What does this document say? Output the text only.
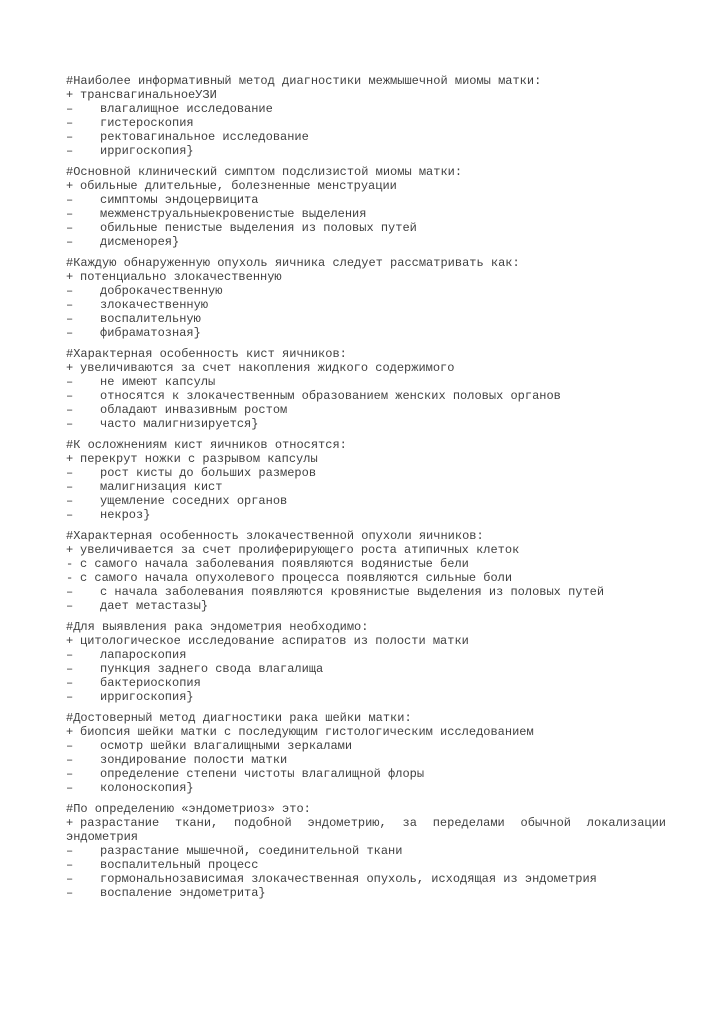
#Наиболее информативный метод диагностики межмышечной миомы матки:

+ трансвагинальноеУЗИ

– влагалищное исследование

– гистероскопия

– ректовагинальное исследование

– ирригоскопия}

#Основной клинический симптом подслизистой миомы матки:

+ обильные длительные, болезненные менструации

– симптомы эндоцервицита

– межменструальныекровенистые выделения

– обильные пенистые выделения из половых путей

– дисменорея}

#Каждую обнаруженную опухоль яичника следует рассматривать как:

+ потенциально злокачественную

– доброкачественную

– злокачественную

– воспалительную

– фибраматозная}

#Характерная особенность кист яичников:

+ увеличиваются за счет накопления жидкого содержимого

– не имеют капсулы

– относятся к злокачественным образованием женских половых органов

– обладают инвазивным ростом

– часто малигнизируется}

#К осложнениям кист яичников относятся:

+ перекрут ножки с разрывом капсулы

– рост кисты до больших размеров

– малигнизация кист

– ущемление соседних органов

– некроз}

#Характерная особенность злокачественной опухоли яичников:

+ увеличивается за счет пролиферирующего роста атипичных клеток

- с самого начала заболевания появляются водянистые бели

- с самого начала опухолевого процесса появляются сильные боли

– с начала заболевания появляются кровянистые выделения из половых путей

– дает метастазы}

#Для выявления рака эндометрия необходимо:

+ цитологическое исследование аспиратов из полости матки

– лапароскопия

– пункция заднего свода влагалища

– бактериоскопия

– ирригоскопия}

#Достоверный метод диагностики рака шейки матки:

+ биопсия шейки матки с последующим гистологическим исследованием

– осмотр шейки влагалищными зеркалами

– зондирование полости матки

– определение степени чистоты влагалищной флоры

– колоноскопия}

#По определению «эндометриоз» это:

+ разрастание ткани, подобной эндометрию, за переделами обычной локализации эндометрия

– разрастание мышечной, соединительной ткани

– воспалительный процесс

– гормональнозависимая злокачественная опухоль, исходящая из эндометрия

– воспаление эндометрита}
